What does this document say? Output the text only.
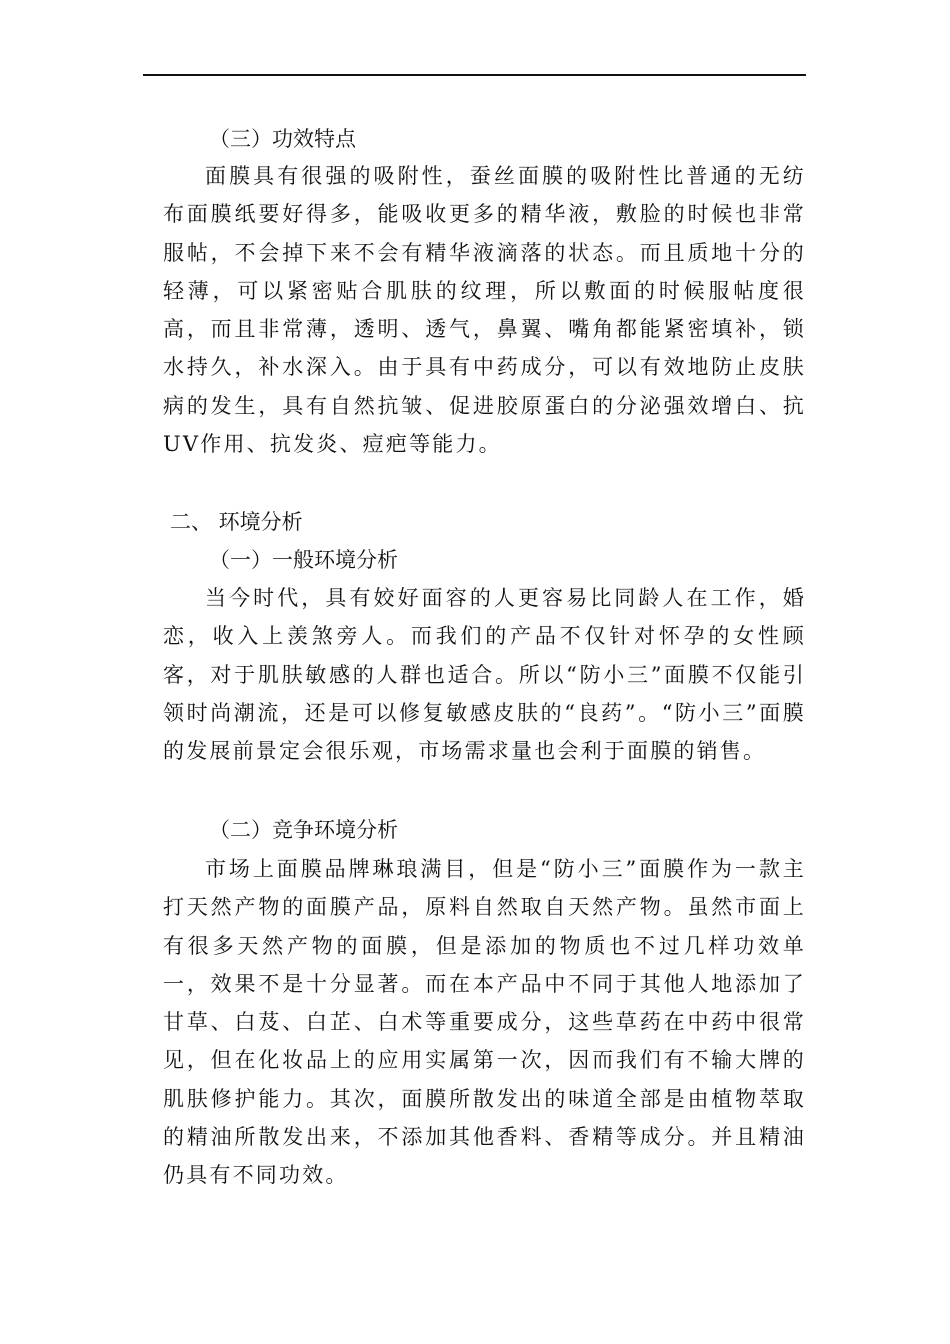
（三）功效特点

面膜具有很强的吸附性，蚕丝面膜的吸附性比普通的无纺布面膜纸要好得多，能吸收更多的精华液，敷脸的时候也非常服帖，不会掉下来不会有精华液滴落的状态。而且质地十分的轻薄，可以紧密贴合肌肤的纹理，所以敷面的时候服帖度很高，而且非常薄，透明、透气，鼻翼、嘴角都能紧密填补，锁水持久，补水深入。由于具有中药成分，可以有效地防止皮肤病的发生，具有自然抗皱、促进胶原蛋白的分泌强效增白、抗UV作用、抗发炎、痘疤等能力。

二、 环境分析
（一）一般环境分析

当今时代，具有姣好面容的人更容易比同龄人在工作，婚恋，收入上羡煞旁人。而我们的产品不仅针对怀孕的女性顾客，对于肌肤敏感的人群也适合。所以“防小三”面膜不仅能引领时尚潮流，还是可以修复敏感皮肤的“良药”。“防小三”面膜的发展前景定会很乐观，市场需求量也会利于面膜的销售。

（二）竞争环境分析

市场上面膜品牌琳琅满目，但是“防小三”面膜作为一款主打天然产物的面膜产品，原料自然取自天然产物。虽然市面上有很多天然产物的面膜，但是添加的物质也不过几样功效单一，效果不是十分显著。而在本产品中不同于其他人地添加了甘草、白芨、白芷、白术等重要成分，这些草药在中药中很常见，但在化妆品上的应用实属第一次，因而我们有不输大牌的肌肤修护能力。其次，面膜所散发出的味道全部是由植物萃取的精油所散发出来，不添加其他香料、香精等成分。并且精油仍具有不同功效。
